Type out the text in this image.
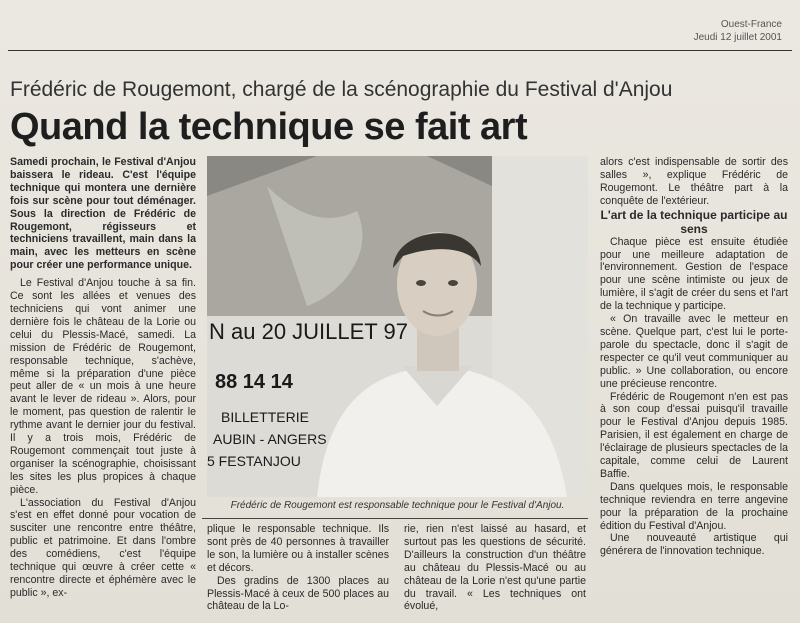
Ouest-France
Jeudi 12 juillet 2001
Frédéric de Rougemont, chargé de la scénographie du Festival d'Anjou
Quand la technique se fait art

Samedi prochain, le Festival d'Anjou baissera le rideau. C'est l'équipe technique qui montera une dernière fois sur scène pour tout déménager. Sous la direction de Frédéric de Rougemont, régisseurs et techniciens travaillent, main dans la main, avec les metteurs en scène pour créer une performance unique.

Le Festival d'Anjou touche à sa fin. Ce sont les allées et venues des techniciens qui vont animer une dernière fois le château de la Lorie ou celui du Plessis-Macé, samedi. La mission de Frédéric de Rougemont, responsable technique, s'achève, même si la préparation d'une pièce peut aller de « un mois à une heure avant le lever de rideau ». Alors, pour le moment, pas question de ralentir le rythme avant le dernier jour du festival. Il y a trois mois, Frédéric de Rougemont commençait tout juste à organiser la scénographie, choisissant les sites les plus propices à chaque pièce.

L'association du Festival d'Anjou s'est en effet donné pour vocation de susciter une rencontre entre théâtre, public et patrimoine. Et dans l'ombre des comédiens, c'est l'équipe technique qui œuvre à créer cette « rencontre directe et éphémère avec le public », ex-

N au 20 JUILLET 97
88 14 14
BILLETTERIE
AUBIN - ANGERS
5 FESTANJOU
Frédéric de Rougemont est responsable technique pour le Festival d'Anjou.

plique le responsable technique. Ils sont près de 40 personnes à travailler le son, la lumière ou à installer scènes et décors.

Des gradins de 1300 places au Plessis-Macé à ceux de 500 places au château de la Lo-

rie, rien n'est laissé au hasard, et surtout pas les questions de sécurité. D'ailleurs la construction d'un théâtre au château du Plessis-Macé ou au château de la Lorie n'est qu'une partie du travail. « Les techniques ont évolué,

alors c'est indispensable de sortir des salles », explique Frédéric de Rougemont. Le théâtre part à la conquête de l'extérieur.

L'art de la technique participe au sens

Chaque pièce est ensuite étudiée pour une meilleure adaptation de l'environnement. Gestion de l'espace pour une scène intimiste ou jeux de lumière, il s'agit de créer du sens et l'art de la technique y participe.

« On travaille avec le metteur en scène. Quelque part, c'est lui le porte-parole du spectacle, donc il s'agit de respecter ce qu'il veut communiquer au public. » Une collaboration, ou encore une précieuse rencontre.

Frédéric de Rougemont n'en est pas à son coup d'essai puisqu'il travaille pour le Festival d'Anjou depuis 1985. Parisien, il est également en charge de l'éclairage de plusieurs spectacles de la capitale, comme celui de Laurent Baffie.

Dans quelques mois, le responsable technique reviendra en terre angevine pour la préparation de la prochaine édition du Festival d'Anjou.

Une nouveauté artistique qui générera de l'innovation technique.
